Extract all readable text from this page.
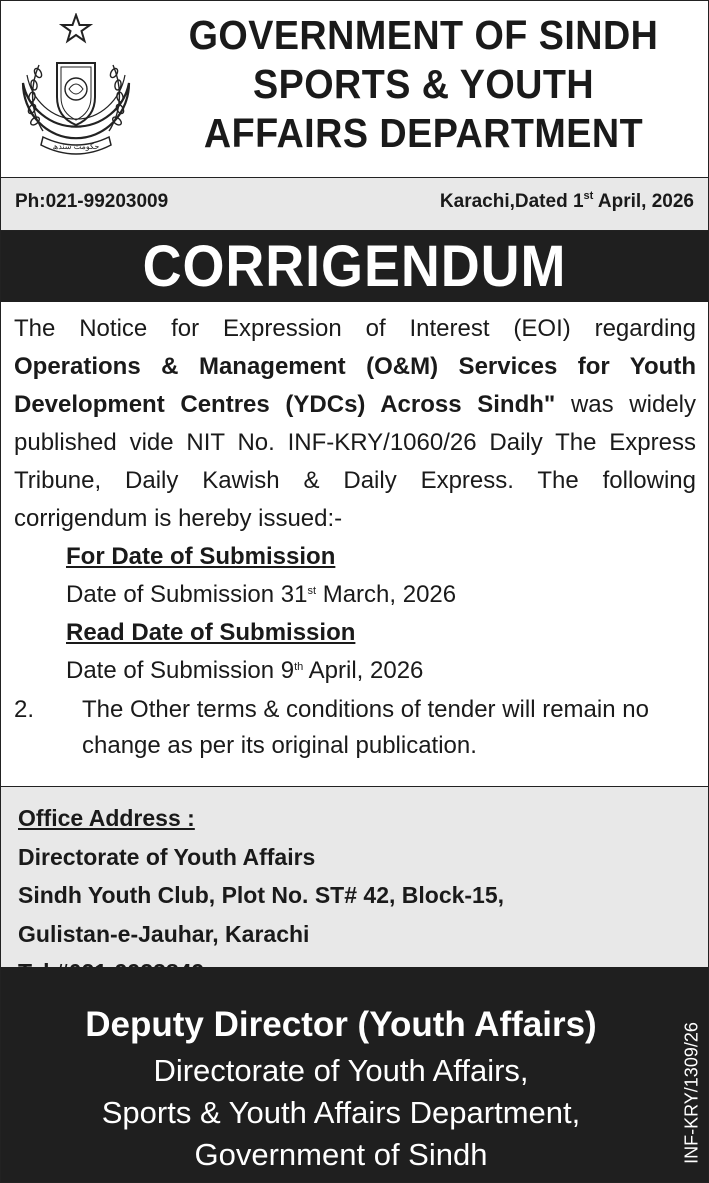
حکومت سندھ
GOVERNMENT OF SINDH
SPORTS & YOUTH
AFFAIRS DEPARTMENT
Ph:021-99203009	Karachi,Dated 1st April, 2026
CORRIGENDUM
The Notice for Expression of Interest (EOI) regarding Operations & Management (O&M) Services for Youth Development Centres (YDCs) Across Sindh" was widely published vide NIT No. INF-KRY/1060/26 Daily The Express Tribune, Daily Kawish & Daily Express. The following corrigendum is hereby issued:-
For Date of Submission
Date of Submission 31st March, 2026
Read Date of Submission
Date of Submission 9th April, 2026
2. The Other terms & conditions of tender will remain no change as per its original publication.
Office Address :
Directorate of Youth Affairs
Sindh Youth Club, Plot No. ST# 42, Block-15,
Gulistan-e-Jauhar, Karachi
Deputy Director (Youth Affairs)
Directorate of Youth Affairs,
Sports & Youth Affairs Department,
Government of Sindh	INF-KRY/1309/26
